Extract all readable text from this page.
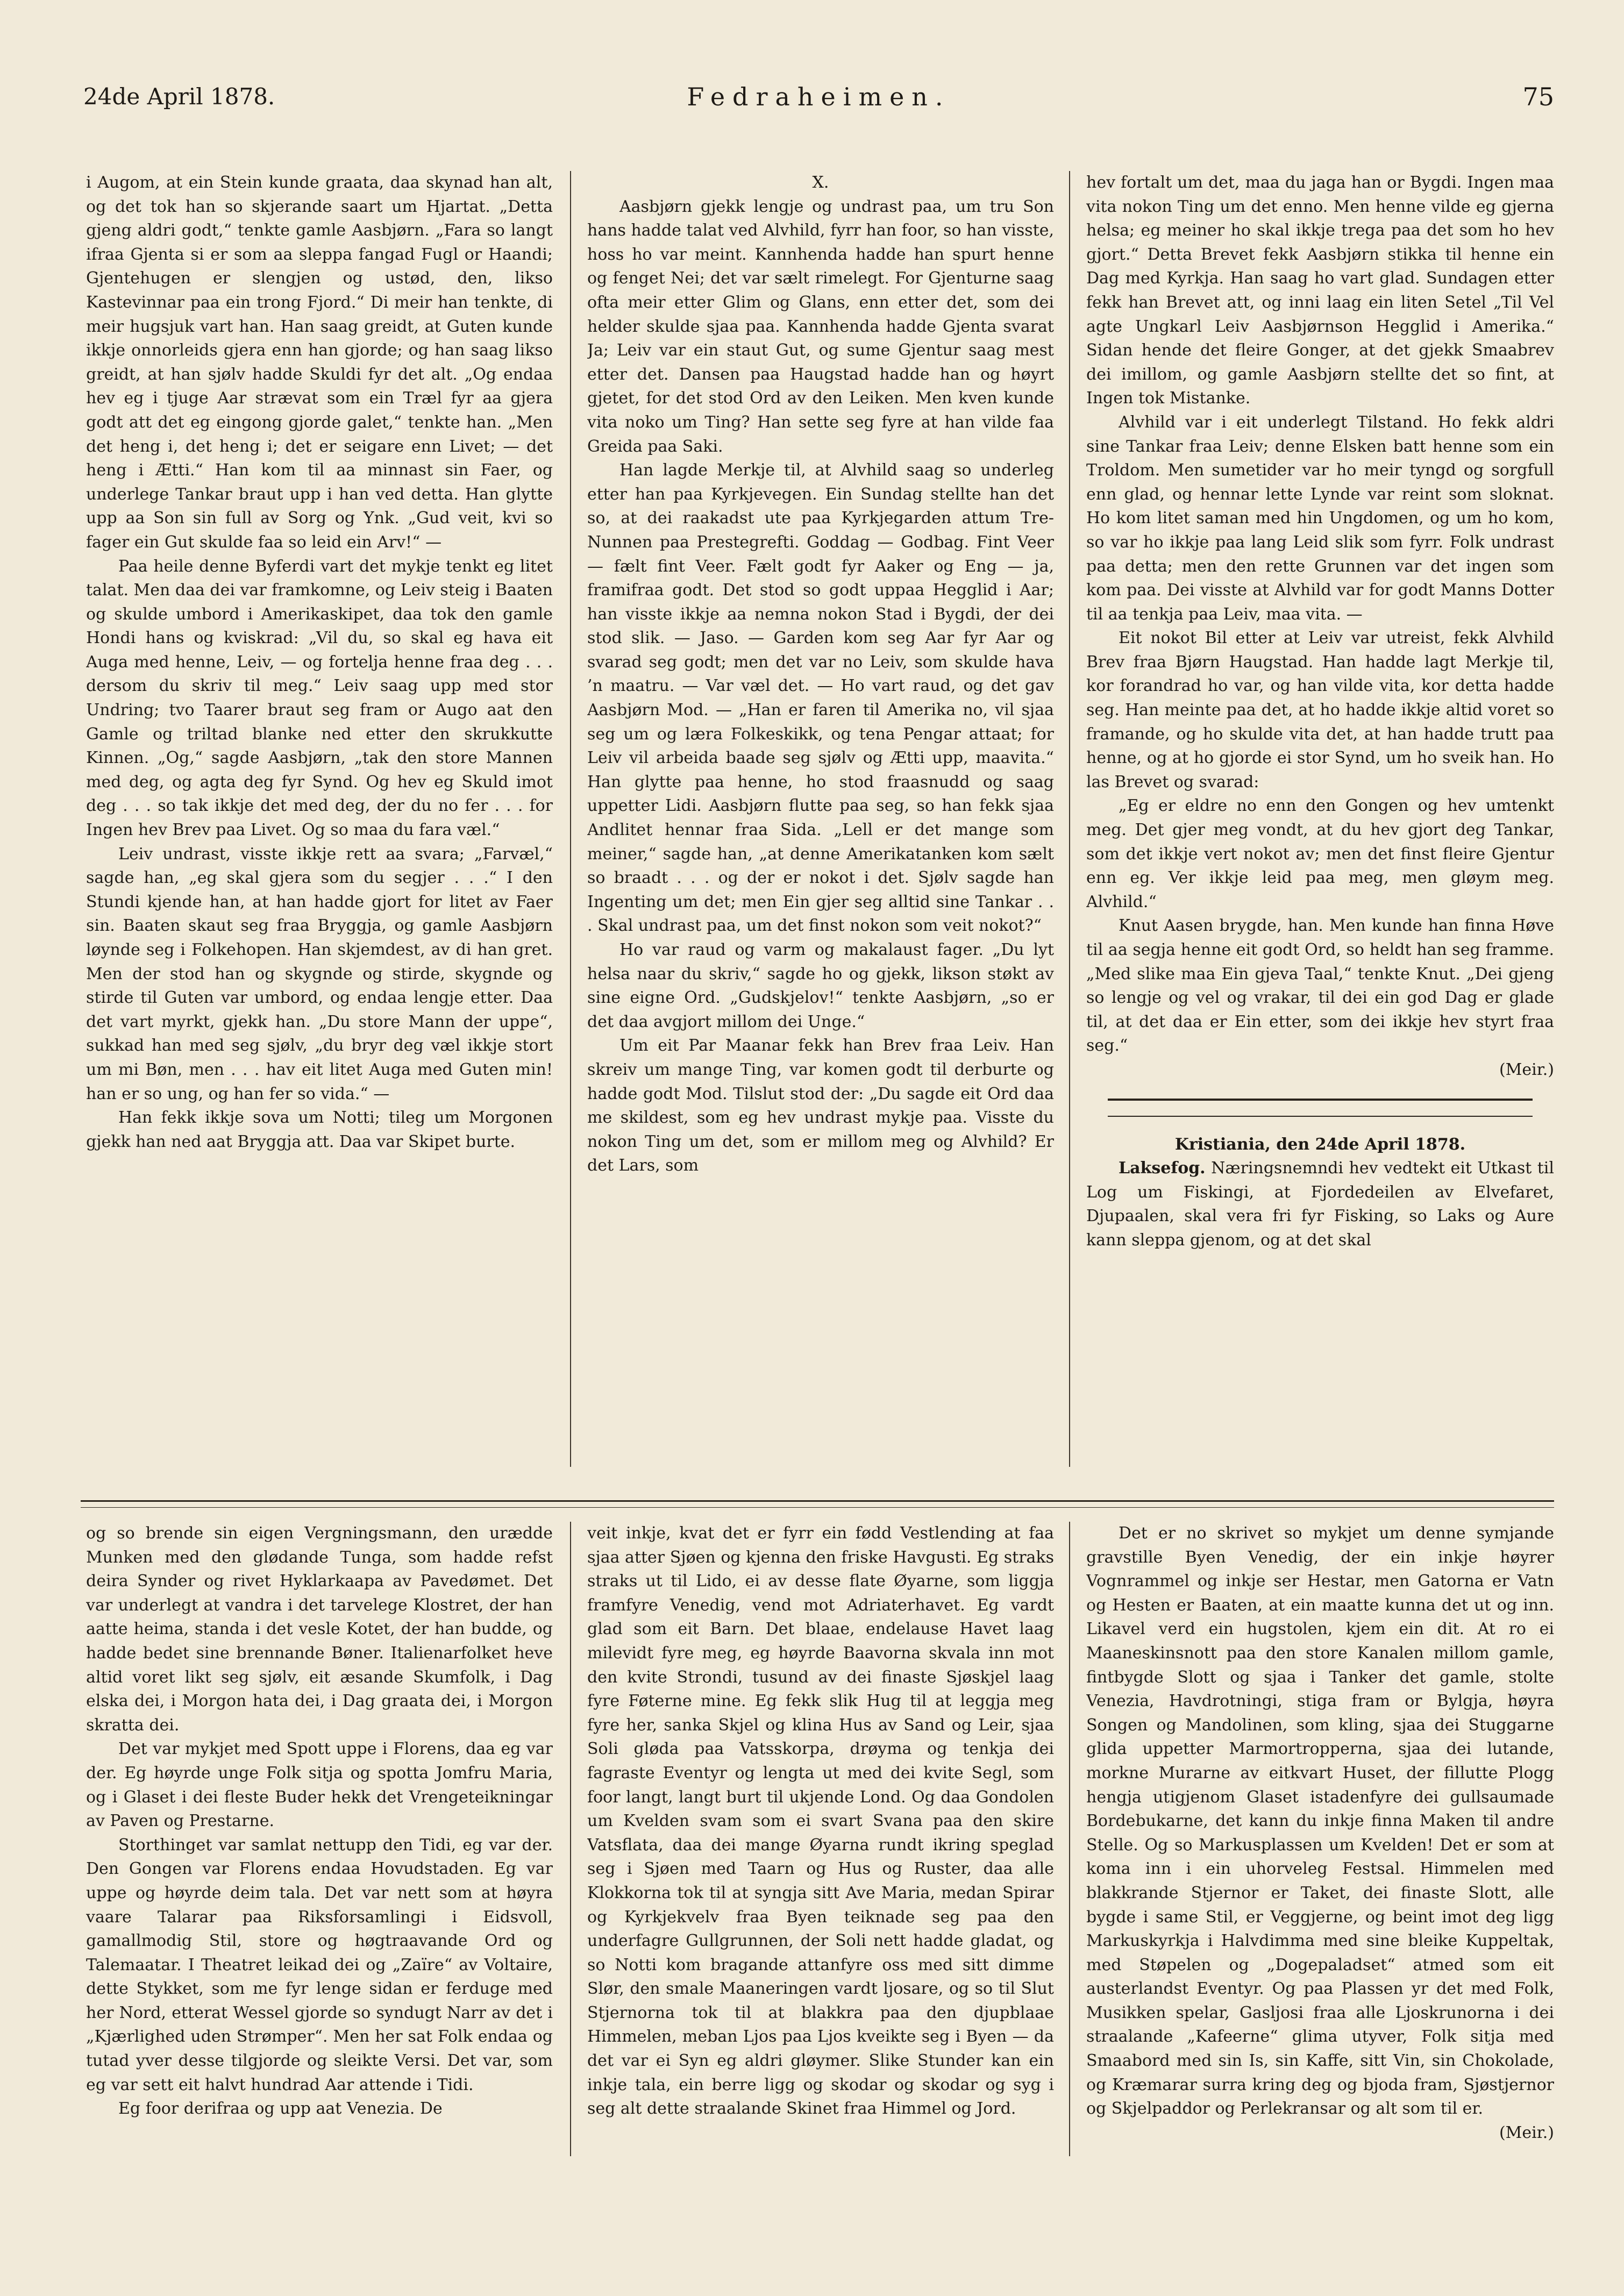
24de April 1878.	Fedraheimen.	75

i Augom, at ein Stein kunde graata, daa skynad han alt, og det tok han so skjerande saart um Hjartat. „Detta gjeng aldri godt,“ tenkte gamle Aasbjørn. „Fara so langt ifraa Gjenta si er som aa sleppa fangad Fugl or Haandi; Gjentehugen er slengjen og ustød, den, likso Kastevinnar paa ein trong Fjord.“ Di meir han tenkte, di meir hugsjuk vart han. Han saag greidt, at Guten kunde ikkje onnorleids gjera enn han gjorde; og han saag likso greidt, at han sjølv hadde Skuldi fyr det alt. „Og endaa hev eg i tjuge Aar strævat som ein Træl fyr aa gjera godt att det eg eingong gjorde galet,“ tenkte han. „Men det heng i, det heng i; det er seigare enn Livet; — det heng i Ætti.“ Han kom til aa minnast sin Faer, og underlege Tankar braut upp i han ved detta. Han glytte upp aa Son sin full av Sorg og Ynk. „Gud veit, kvi so fager ein Gut skulde faa so leid ein Arv!“ —

Paa heile denne Byferdi vart det mykje tenkt eg litet talat. Men daa dei var framkomne, og Leiv steig i Baaten og skulde umbord i Amerikaskipet, daa tok den gamle Hondi hans og kviskrad: „Vil du, so skal eg hava eit Auga med henne, Leiv, — og fortelja henne fraa deg . . . dersom du skriv til meg.“ Leiv saag upp med stor Undring; tvo Taarer braut seg fram or Augo aat den Gamle og triltad blanke ned etter den skrukkutte Kinnen. „Og,“ sagde Aasbjørn, „tak den store Mannen med deg, og agta deg fyr Synd. Og hev eg Skuld imot deg . . . so tak ikkje det med deg, der du no fer . . . for Ingen hev Brev paa Livet. Og so maa du fara væl.“

Leiv undrast, visste ikkje rett aa svara; „Farvæl,“ sagde han, „eg skal gjera som du segjer . . .“ I den Stundi kjende han, at han hadde gjort for litet av Faer sin. Baaten skaut seg fraa Bryggja, og gamle Aasbjørn løynde seg i Folkehopen. Han skjemdest, av di han gret. Men der stod han og skygnde og stirde, skygnde og stirde til Guten var umbord, og endaa lengje etter. Daa det vart myrkt, gjekk han. „Du store Mann der uppe“, sukkad han med seg sjølv, „du bryr deg væl ikkje stort um mi Bøn, men . . . hav eit litet Auga med Guten min! han er so ung, og han fer so vida.“ —

Han fekk ikkje sova um Notti; tileg um Morgonen gjekk han ned aat Bryggja att. Daa var Skipet burte.

X.

Aasbjørn gjekk lengje og undrast paa, um tru Son hans hadde talat ved Alvhild, fyrr han foor, so han visste, hoss ho var meint. Kannhenda hadde han spurt henne og fenget Nei; det var sælt rimelegt. For Gjenturne saag ofta meir etter Glim og Glans, enn etter det, som dei helder skulde sjaa paa. Kannhenda hadde Gjenta svarat Ja; Leiv var ein staut Gut, og sume Gjentur saag mest etter det. Dansen paa Haugstad hadde han og høyrt gjetet, for det stod Ord av den Leiken. Men kven kunde vita noko um Ting? Han sette seg fyre at han vilde faa Greida paa Saki.

Han lagde Merkje til, at Alvhild saag so underleg etter han paa Kyrkjevegen. Ein Sundag stellte han det so, at dei raakadst ute paa Kyrkjegarden attum Tre-Nunnen paa Prestegrefti. Goddag — Godbag. Fint Veer — fælt fint Veer. Fælt godt fyr Aaker og Eng — ja, framifraa godt. Det stod so godt uppaa Hegglid i Aar; han visste ikkje aa nemna nokon Stad i Bygdi, der dei stod slik. — Jaso. — Garden kom seg Aar fyr Aar og svarad seg godt; men det var no Leiv, som skulde hava ’n maatru. — Var væl det. — Ho vart raud, og det gav Aasbjørn Mod. — „Han er faren til Amerika no, vil sjaa seg um og læra Folkeskikk, og tena Pengar attaat; for Leiv vil arbeida baade seg sjølv og Ætti upp, maavita.“ Han glytte paa henne, ho stod fraasnudd og saag uppetter Lidi. Aasbjørn flutte paa seg, so han fekk sjaa Andlitet hennar fraa Sida. „Lell er det mange som meiner,“ sagde han, „at denne Amerikatanken kom sælt so braadt . . . og der er nokot i det. Sjølv sagde han Ingenting um det; men Ein gjer seg alltid sine Tankar . . . Skal undrast paa, um det finst nokon som veit nokot?“

Ho var raud og varm og makalaust fager. „Du lyt helsa naar du skriv,“ sagde ho og gjekk, likson støkt av sine eigne Ord. „Gudskjelov!“ tenkte Aasbjørn, „so er det daa avgjort millom dei Unge.“

Um eit Par Maanar fekk han Brev fraa Leiv. Han skreiv um mange Ting, var komen godt til derburte og hadde godt Mod. Tilslut stod der: „Du sagde eit Ord daa me skildest, som eg hev undrast mykje paa. Visste du nokon Ting um det, som er millom meg og Alvhild? Er det Lars, som

hev fortalt um det, maa du jaga han or Bygdi. Ingen maa vita nokon Ting um det enno. Men henne vilde eg gjerna helsa; eg meiner ho skal ikkje trega paa det som ho hev gjort.“ Detta Brevet fekk Aasbjørn stikka til henne ein Dag med Kyrkja. Han saag ho vart glad. Sundagen etter fekk han Brevet att, og inni laag ein liten Setel „Til Vel agte Ungkarl Leiv Aasbjørnson Hegglid i Amerika.“ Sidan hende det fleire Gonger, at det gjekk Smaabrev dei imillom, og gamle Aasbjørn stellte det so fint, at Ingen tok Mistanke.

Alvhild var i eit underlegt Tilstand. Ho fekk aldri sine Tankar fraa Leiv; denne Elsken batt henne som ein Troldom. Men sumetider var ho meir tyngd og sorgfull enn glad, og hennar lette Lynde var reint som sloknat. Ho kom litet saman med hin Ungdomen, og um ho kom, so var ho ikkje paa lang Leid slik som fyrr. Folk undrast paa detta; men den rette Grunnen var det ingen som kom paa. Dei visste at Alvhild var for godt Manns Dotter til aa tenkja paa Leiv, maa vita. —

Eit nokot Bil etter at Leiv var utreist, fekk Alvhild Brev fraa Bjørn Haugstad. Han hadde lagt Merkje til, kor forandrad ho var, og han vilde vita, kor detta hadde seg. Han meinte paa det, at ho hadde ikkje altid voret so framande, og ho skulde vita det, at han hadde trutt paa henne, og at ho gjorde ei stor Synd, um ho sveik han. Ho las Brevet og svarad:

„Eg er eldre no enn den Gongen og hev umtenkt meg. Det gjer meg vondt, at du hev gjort deg Tankar, som det ikkje vert nokot av; men det finst fleire Gjentur enn eg. Ver ikkje leid paa meg, men gløym meg. Alvhild.“

Knut Aasen brygde, han. Men kunde han finna Høve til aa segja henne eit godt Ord, so heldt han seg framme. „Med slike maa Ein gjeva Taal,“ tenkte Knut. „Dei gjeng so lengje og vel og vrakar, til dei ein god Dag er glade til, at det daa er Ein etter, som dei ikkje hev styrt fraa seg.“

(Meir.)
Kristiania, den 24de April 1878.

Laksefog. Næringsnemndi hev vedtekt eit Utkast til Log um Fiskingi, at Fjordedeilen av Elvefaret, Djupaalen, skal vera fri fyr Fisking, so Laks og Aure kann sleppa gjenom, og at det skal

og so brende sin eigen Vergningsmann, den urædde Munken med den glødande Tunga, som hadde refst deira Synder og rivet Hyklarkaapa av Pavedømet. Det var underlegt at vandra i det tarvelege Klostret, der han aatte heima, standa i det vesle Kotet, der han budde, og hadde bedet sine brennande Bøner. Italienarfolket heve altid voret likt seg sjølv, eit æsande Skumfolk, i Dag elska dei, i Morgon hata dei, i Dag graata dei, i Morgon skratta dei.

Det var mykjet med Spott uppe i Florens, daa eg var der. Eg høyrde unge Folk sitja og spotta Jomfru Maria, og i Glaset i dei fleste Buder hekk det Vrengeteikningar av Paven og Prestarne.

Storthinget var samlat nettupp den Tidi, eg var der. Den Gongen var Florens endaa Hovudstaden. Eg var uppe og høyrde deim tala. Det var nett som at høyra vaare Talarar paa Riksforsamlingi i Eidsvoll, gamallmodig Stil, store og høgtraavande Ord og Talemaatar. I Theatret leikad dei og „Zaïre“ av Voltaire, dette Stykket, som me fyr lenge sidan er ferduge med her Nord, etterat Wessel gjorde so syndugt Narr av det i „Kjærlighed uden Strømper“. Men her sat Folk endaa og tutad yver desse tilgjorde og sleikte Versi. Det var, som eg var sett eit halvt hundrad Aar attende i Tidi.

Eg foor derifraa og upp aat Venezia. De

veit inkje, kvat det er fyrr ein fødd Vestlending at faa sjaa atter Sjøen og kjenna den friske Havgusti. Eg straks straks ut til Lido, ei av desse flate Øyarne, som liggja framfyre Venedig, vend mot Adriaterhavet. Eg vardt glad som eit Barn. Det blaae, endelause Havet laag milevidt fyre meg, eg høyrde Baavorna skvala inn mot den kvite Strondi, tusund av dei finaste Sjøskjel laag fyre Føterne mine. Eg fekk slik Hug til at leggja meg fyre her, sanka Skjel og klina Hus av Sand og Leir, sjaa Soli gløda paa Vatsskorpa, drøyma og tenkja dei fagraste Eventyr og lengta ut med dei kvite Segl, som foor langt, langt burt til ukjende Lond. Og daa Gondolen um Kvelden svam som ei svart Svana paa den skire Vatsflata, daa dei mange Øyarna rundt ikring speglad seg i Sjøen med Taarn og Hus og Ruster, daa alle Klokkorna tok til at syngja sitt Ave Maria, medan Spirar og Kyrkjekvelv fraa Byen teiknade seg paa den underfagre Gullgrunnen, der Soli nett hadde gladat, og so Notti kom bragande attanfyre oss med sitt dimme Slør, den smale Maaneringen vardt ljosare, og so til Slut Stjernorna tok til at blakkra paa den djupblaae Himmelen, meban Ljos paa Ljos kveikte seg i Byen — da det var ei Syn eg aldri gløymer. Slike Stunder kan ein inkje tala, ein berre ligg og skodar og skodar og syg i seg alt dette straalande Skinet fraa Himmel og Jord.

Det er no skrivet so mykjet um denne symjande gravstille Byen Venedig, der ein inkje høyrer Vognrammel og inkje ser Hestar, men Gatorna er Vatn og Hesten er Baaten, at ein maatte kunna det ut og inn. Likavel verd ein hugstolen, kjem ein dit. At ro ei Maaneskinsnott paa den store Kanalen millom gamle, fintbygde Slott og sjaa i Tanker det gamle, stolte Venezia, Havdrotningi, stiga fram or Bylgja, høyra Songen og Mandolinen, som kling, sjaa dei Stuggarne glida uppetter Marmortropperna, sjaa dei lutande, morkne Murarne av eitkvart Huset, der fillutte Plogg hengja utigjenom Glaset istadenfyre dei gullsaumade Bordebukarne, det kann du inkje finna Maken til andre Stelle. Og so Markusplassen um Kvelden! Det er som at koma inn i ein uhorveleg Festsal. Himmelen med blakkrande Stjernor er Taket, dei finaste Slott, alle bygde i same Stil, er Veggjerne, og beint imot deg ligg Markuskyrkja i Halvdimma med sine bleike Kuppeltak, med Støpelen og „Dogepaladset“ atmed som eit austerlandst Eventyr. Og paa Plassen yr det med Folk, Musikken spelar, Gasljosi fraa alle Ljoskrunorna i dei straalande „Kafeerne“ glima utyver, Folk sitja med Smaabord med sin Is, sin Kaffe, sitt Vin, sin Chokolade, og Kræmarar surra kring deg og bjoda fram, Sjøstjernor og Skjelpaddor og Perlekransar og alt som til er.

(Meir.)
